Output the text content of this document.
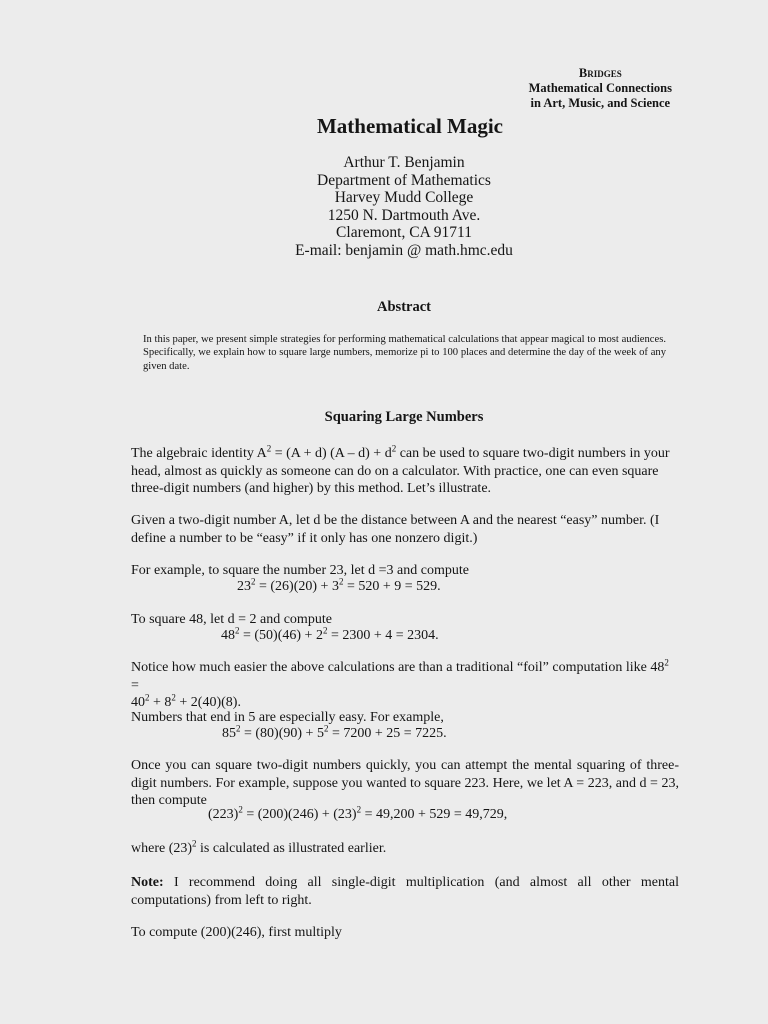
Bridges
Mathematical Connections
in Art, Music, and Science
Mathematical Magic
Arthur T. Benjamin
Department of Mathematics
Harvey Mudd College
1250 N. Dartmouth Ave.
Claremont, CA 91711
E-mail: benjamin @ math.hmc.edu
Abstract
In this paper, we present simple strategies for performing mathematical calculations that appear magical to most audiences. Specifically, we explain how to square large numbers, memorize pi to 100 places and determine the day of the week of any given date.
Squaring Large Numbers

The algebraic identity $A^2 = (A + d)$ $(A - d) + d^2$ can be used to square two-digit numbers in your head, almost as quickly as someone can do on a calculator. With practice, one can even square three-digit numbers (and higher) by this method. Let’s illustrate.

Given a two-digit number A, let d be the distance between A and the nearest “easy” number. (I define a number to be “easy” if it only has one nonzero digit.)

For example, to square the number 23, let d =3 and compute

$23^2 = (26)(20) + 3^2 = 520 + 9 = 529$.

To square 48, let d = 2 and compute

$48^2 = (50)(46) + 2^2 = 2300 + 4 = 2304$.

Notice how much easier the above calculations are than a traditional “foil” computation like $48^2$ =
$40^2 + 8^2 + 2(40)(8)$.

Numbers that end in 5 are especially easy. For example,

$85^2 = (80)(90) + 5^2 = 7200 + 25 = 7225$.

Once you can square two-digit numbers quickly, you can attempt the mental squaring of three-digit numbers. For example, suppose you wanted to square 223. Here, we let A = 223, and d = 23, then compute

$(223)^2 = (200)(246) + (23)^2 = 49,200 + 529 = 49,729$,

where $(23)^2$ is calculated as illustrated earlier.

Note: I recommend doing all single-digit multiplication (and almost all other mental computations) from left to right.

To compute (200)(246), first multiply
